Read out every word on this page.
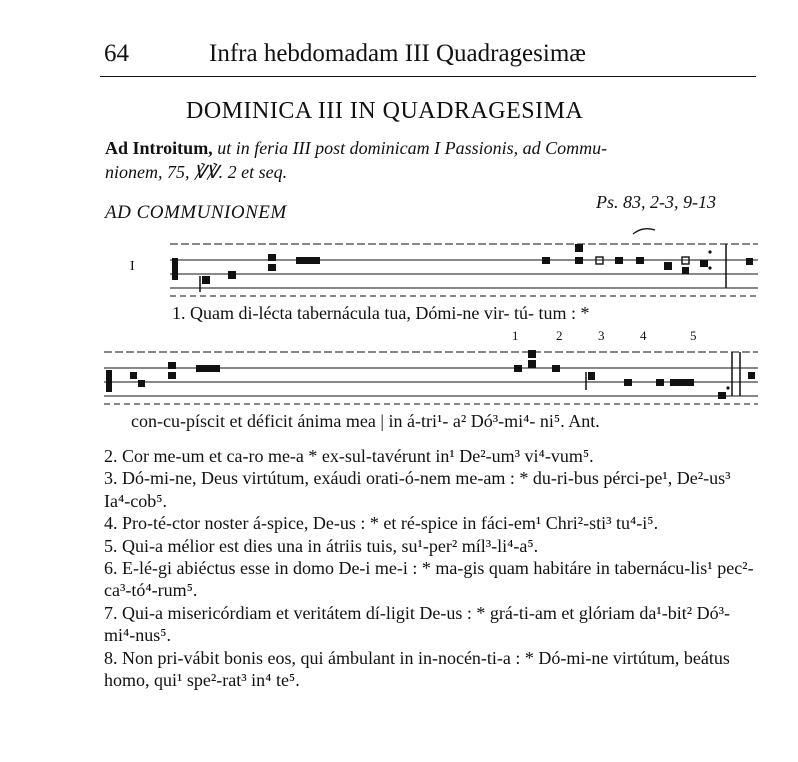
64	Infra hebdomadam III Quadragesimæ
DOMINICA III IN QUADRAGESIMA
Ad Introitum, ut in feria III post dominicam I Passionis, ad Commu-
nionem, 75, ℣℣. 2 et seq.
AD COMMUNIONEM	Ps. 83, 2-3, 9-13
I
1. Quam di-lécta tabernácula tua, Dómi-ne vir- tú- tum : *
1	2	3	4	5
con-cu-píscit et déficit ánima mea | in á-tri¹- a² Dó³-mi⁴- ni⁵. Ant.

2. Cor me-um et ca-ro me-a * ex-sul-tavérunt in¹ De²-um³ vi⁴-vum⁵.

3. Dó-mi-ne, Deus virtútum, exáudi orati-ó-nem me-am : * du-ri-bus pérci-pe¹, De²-us³ Ia⁴-cob⁵.

4. Pro-té-ctor noster á-spice, De-us : * et ré-spice in fáci-em¹ Chri²-sti³ tu⁴-i⁵.

5. Qui-a mélior est dies una in átriis tuis, su¹-per² míl³-li⁴-a⁵.

6. E-lé-gi abiéctus esse in domo De-i me-i : * ma-gis quam habitáre in tabernácu-lis¹ pec²-ca³-tó⁴-rum⁵.

7. Qui-a misericórdiam et veritátem dí-ligit De-us : * grá-ti-am et glóriam da¹-bit² Dó³-mi⁴-nus⁵.

8. Non pri-vábit bonis eos, qui ámbulant in in-nocén-ti-a : * Dó-mi-ne virtútum, beátus homo, qui¹ spe²-rat³ in⁴ te⁵.
